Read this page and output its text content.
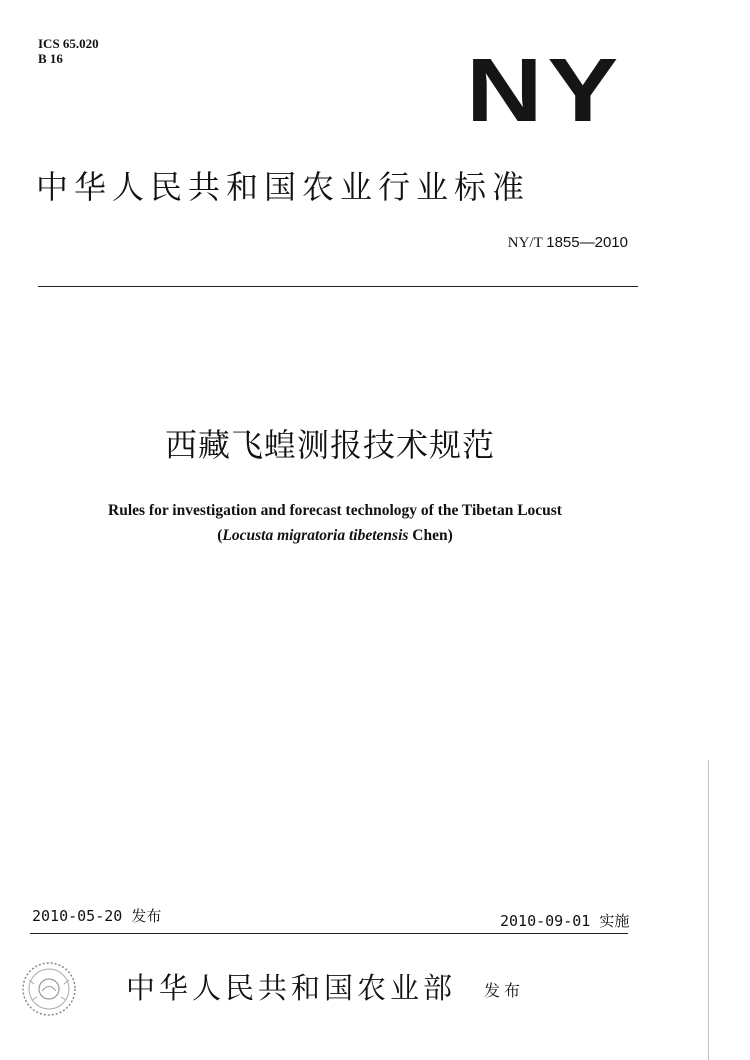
ICS 65.020
B 16	NY
中华人民共和国农业行业标准
NY/T 1855—2010
西藏飞蝗测报技术规范
Rules for investigation and forecast technology of the Tibetan Locust
(Locusta migratoria tibetensis Chen)
2010-05-20 发布	2010-09-01 实施
中华人民共和国农业部 发布
